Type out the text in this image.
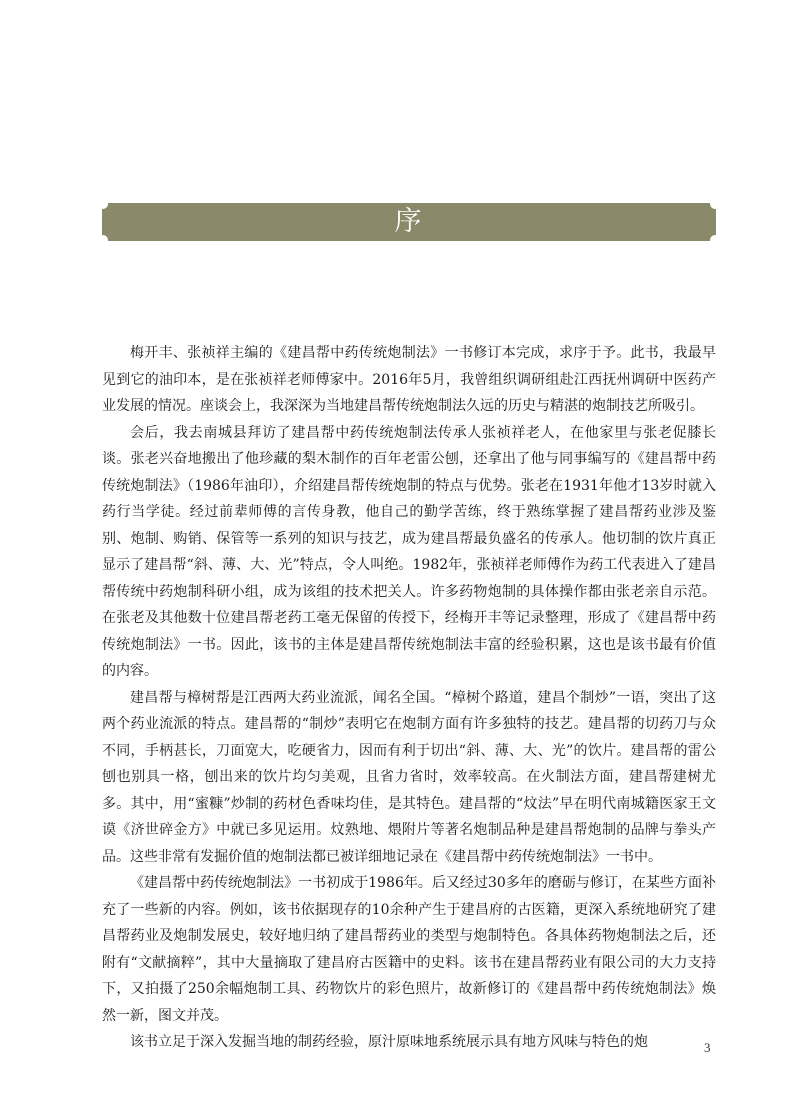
序

梅开丰、张祯祥主编的《建昌帮中药传统炮制法》一书修订本完成，求序于予。此书，我最早见到它的油印本，是在张祯祥老师傅家中。2016年5月，我曾组织调研组赴江西抚州调研中医药产业发展的情况。座谈会上，我深深为当地建昌帮传统炮制法久远的历史与精湛的炮制技艺所吸引。

会后，我去南城县拜访了建昌帮中药传统炮制法传承人张祯祥老人，在他家里与张老促膝长谈。张老兴奋地搬出了他珍藏的梨木制作的百年老雷公刨，还拿出了他与同事编写的《建昌帮中药传统炮制法》（1986年油印），介绍建昌帮传统炮制的特点与优势。张老在1931年他才13岁时就入药行当学徒。经过前辈师傅的言传身教，他自己的勤学苦练，终于熟练掌握了建昌帮药业涉及鉴别、炮制、购销、保管等一系列的知识与技艺，成为建昌帮最负盛名的传承人。他切制的饮片真正显示了建昌帮“斜、薄、大、光”特点，令人叫绝。1982年，张祯祥老师傅作为药工代表进入了建昌帮传统中药炮制科研小组，成为该组的技术把关人。许多药物炮制的具体操作都由张老亲自示范。在张老及其他数十位建昌帮老药工毫无保留的传授下，经梅开丰等记录整理，形成了《建昌帮中药传统炮制法》一书。因此，该书的主体是建昌帮传统炮制法丰富的经验积累，这也是该书最有价值的内容。

建昌帮与樟树帮是江西两大药业流派，闻名全国。“樟树个路道，建昌个制炒”一语，突出了这两个药业流派的特点。建昌帮的“制炒”表明它在炮制方面有许多独特的技艺。建昌帮的切药刀与众不同，手柄甚长，刀面宽大，吃硬省力，因而有利于切出“斜、薄、大、光”的饮片。建昌帮的雷公刨也别具一格，刨出来的饮片均匀美观，且省力省时，效率较高。在火制法方面，建昌帮建树尤多。其中，用“蜜糠”炒制的药材色香味均佳，是其特色。建昌帮的“炆法”早在明代南城籍医家王文谟《济世碎金方》中就已多见运用。炆熟地、煨附片等著名炮制品种是建昌帮炮制的品牌与拳头产品。这些非常有发掘价值的炮制法都已被详细地记录在《建昌帮中药传统炮制法》一书中。

《建昌帮中药传统炮制法》一书初成于1986年。后又经过30多年的磨砺与修订，在某些方面补充了一些新的内容。例如，该书依据现存的10余种产生于建昌府的古医籍，更深入系统地研究了建昌帮药业及炮制发展史，较好地归纳了建昌帮药业的类型与炮制特色。各具体药物炮制法之后，还附有“文献摘粹”，其中大量摘取了建昌府古医籍中的史料。该书在建昌帮药业有限公司的大力支持下，又拍摄了250余幅炮制工具、药物饮片的彩色照片，故新修订的《建昌帮中药传统炮制法》焕然一新，图文并茂。

该书立足于深入发掘当地的制药经验，原汁原味地系统展示具有地方风味与特色的炮	3
